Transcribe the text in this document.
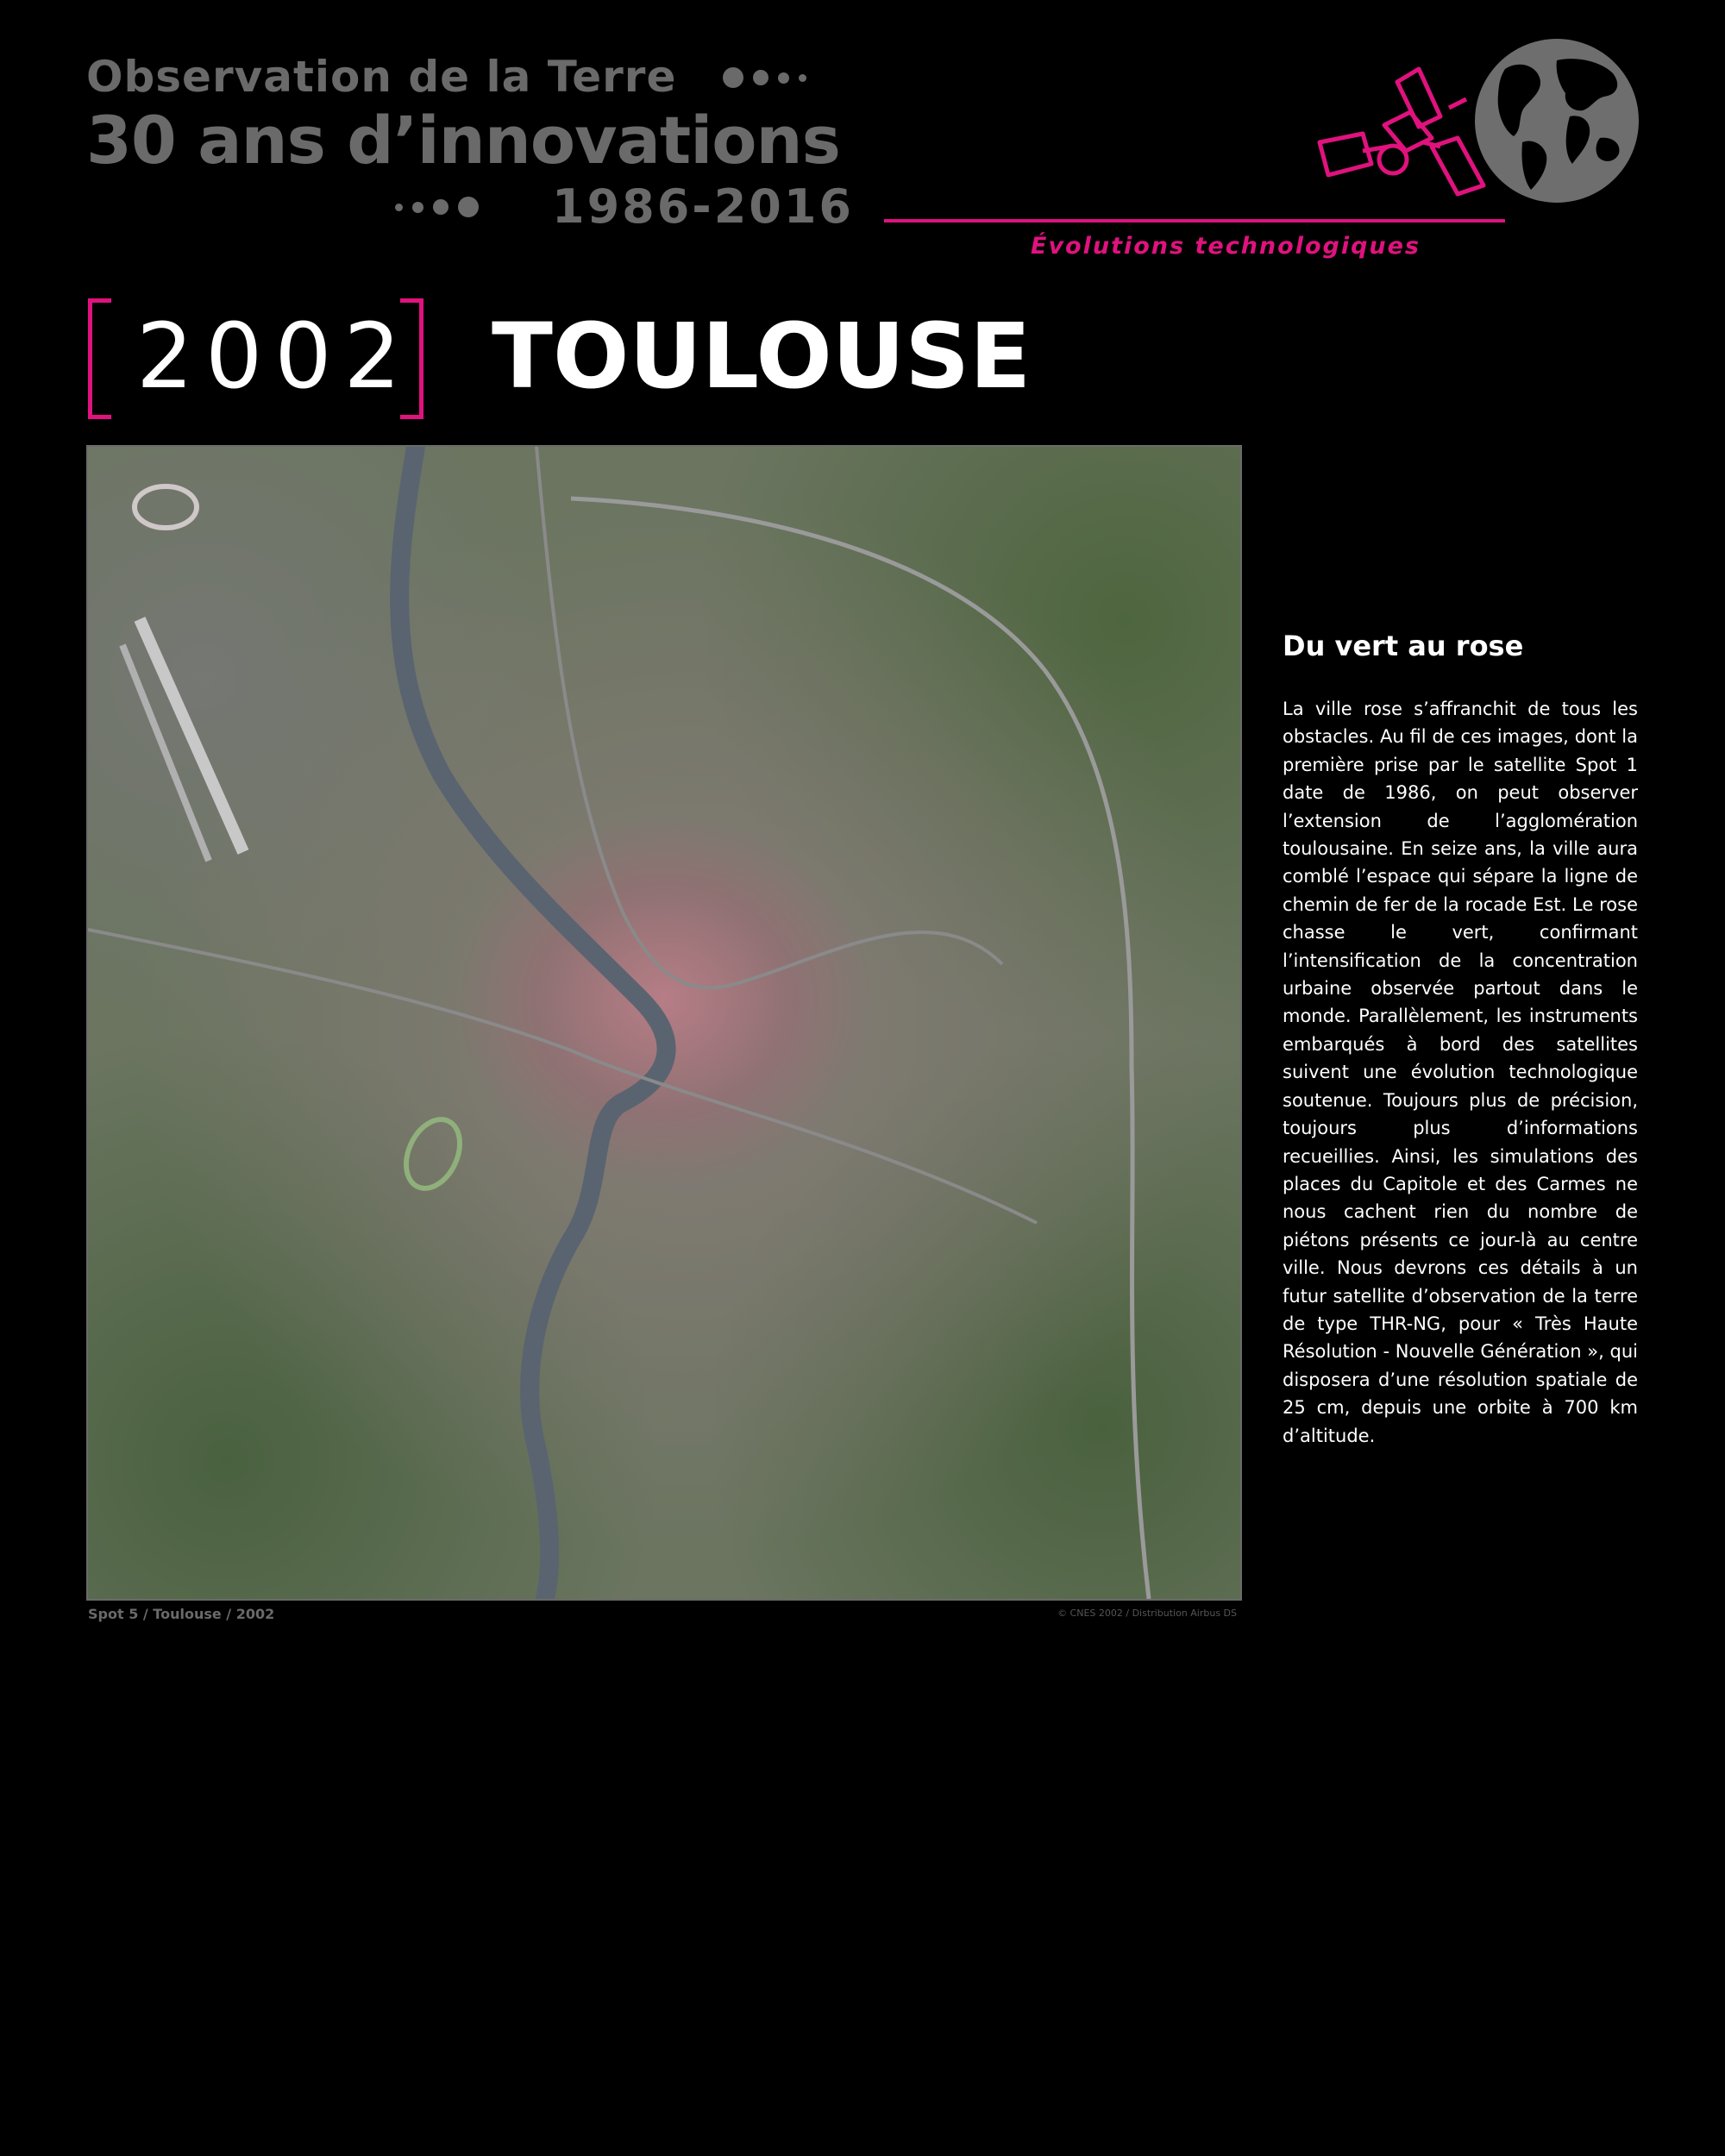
Observation de la Terre
30 ans d’innovations
1986-2016
Évolutions technologiques
2002 TOULOUSE
Spot 5 / Toulouse / 2002	© CNES 2002 / Distribution Airbus DS
Du vert au rose
La ville rose s’affranchit de tous les obstacles. Au fil de ces images, dont la première prise par le satellite Spot 1 date de 1986, on peut observer l’extension de l’agglomération toulousaine. En seize ans, la ville aura comblé l’espace qui sépare la ligne de chemin de fer de la rocade Est. Le rose chasse le vert, confirmant l’intensification de la concentration urbaine observée partout dans le monde. Parallèlement, les instruments embarqués à bord des satellites suivent une évolution technologique soutenue. Toujours plus de précision, toujours plus d’informations recueillies. Ainsi, les simulations des places du Capitole et des Carmes ne nous cachent rien du nombre de piétons présents ce jour-là au centre ville. Nous devrons ces détails à un futur satellite d’observation de la terre de type THR-NG, pour « Très Haute Résolution - Nouvelle Génération », qui disposera d’une résolution spatiale de 25 cm, depuis une orbite à 700 km d’altitude.
